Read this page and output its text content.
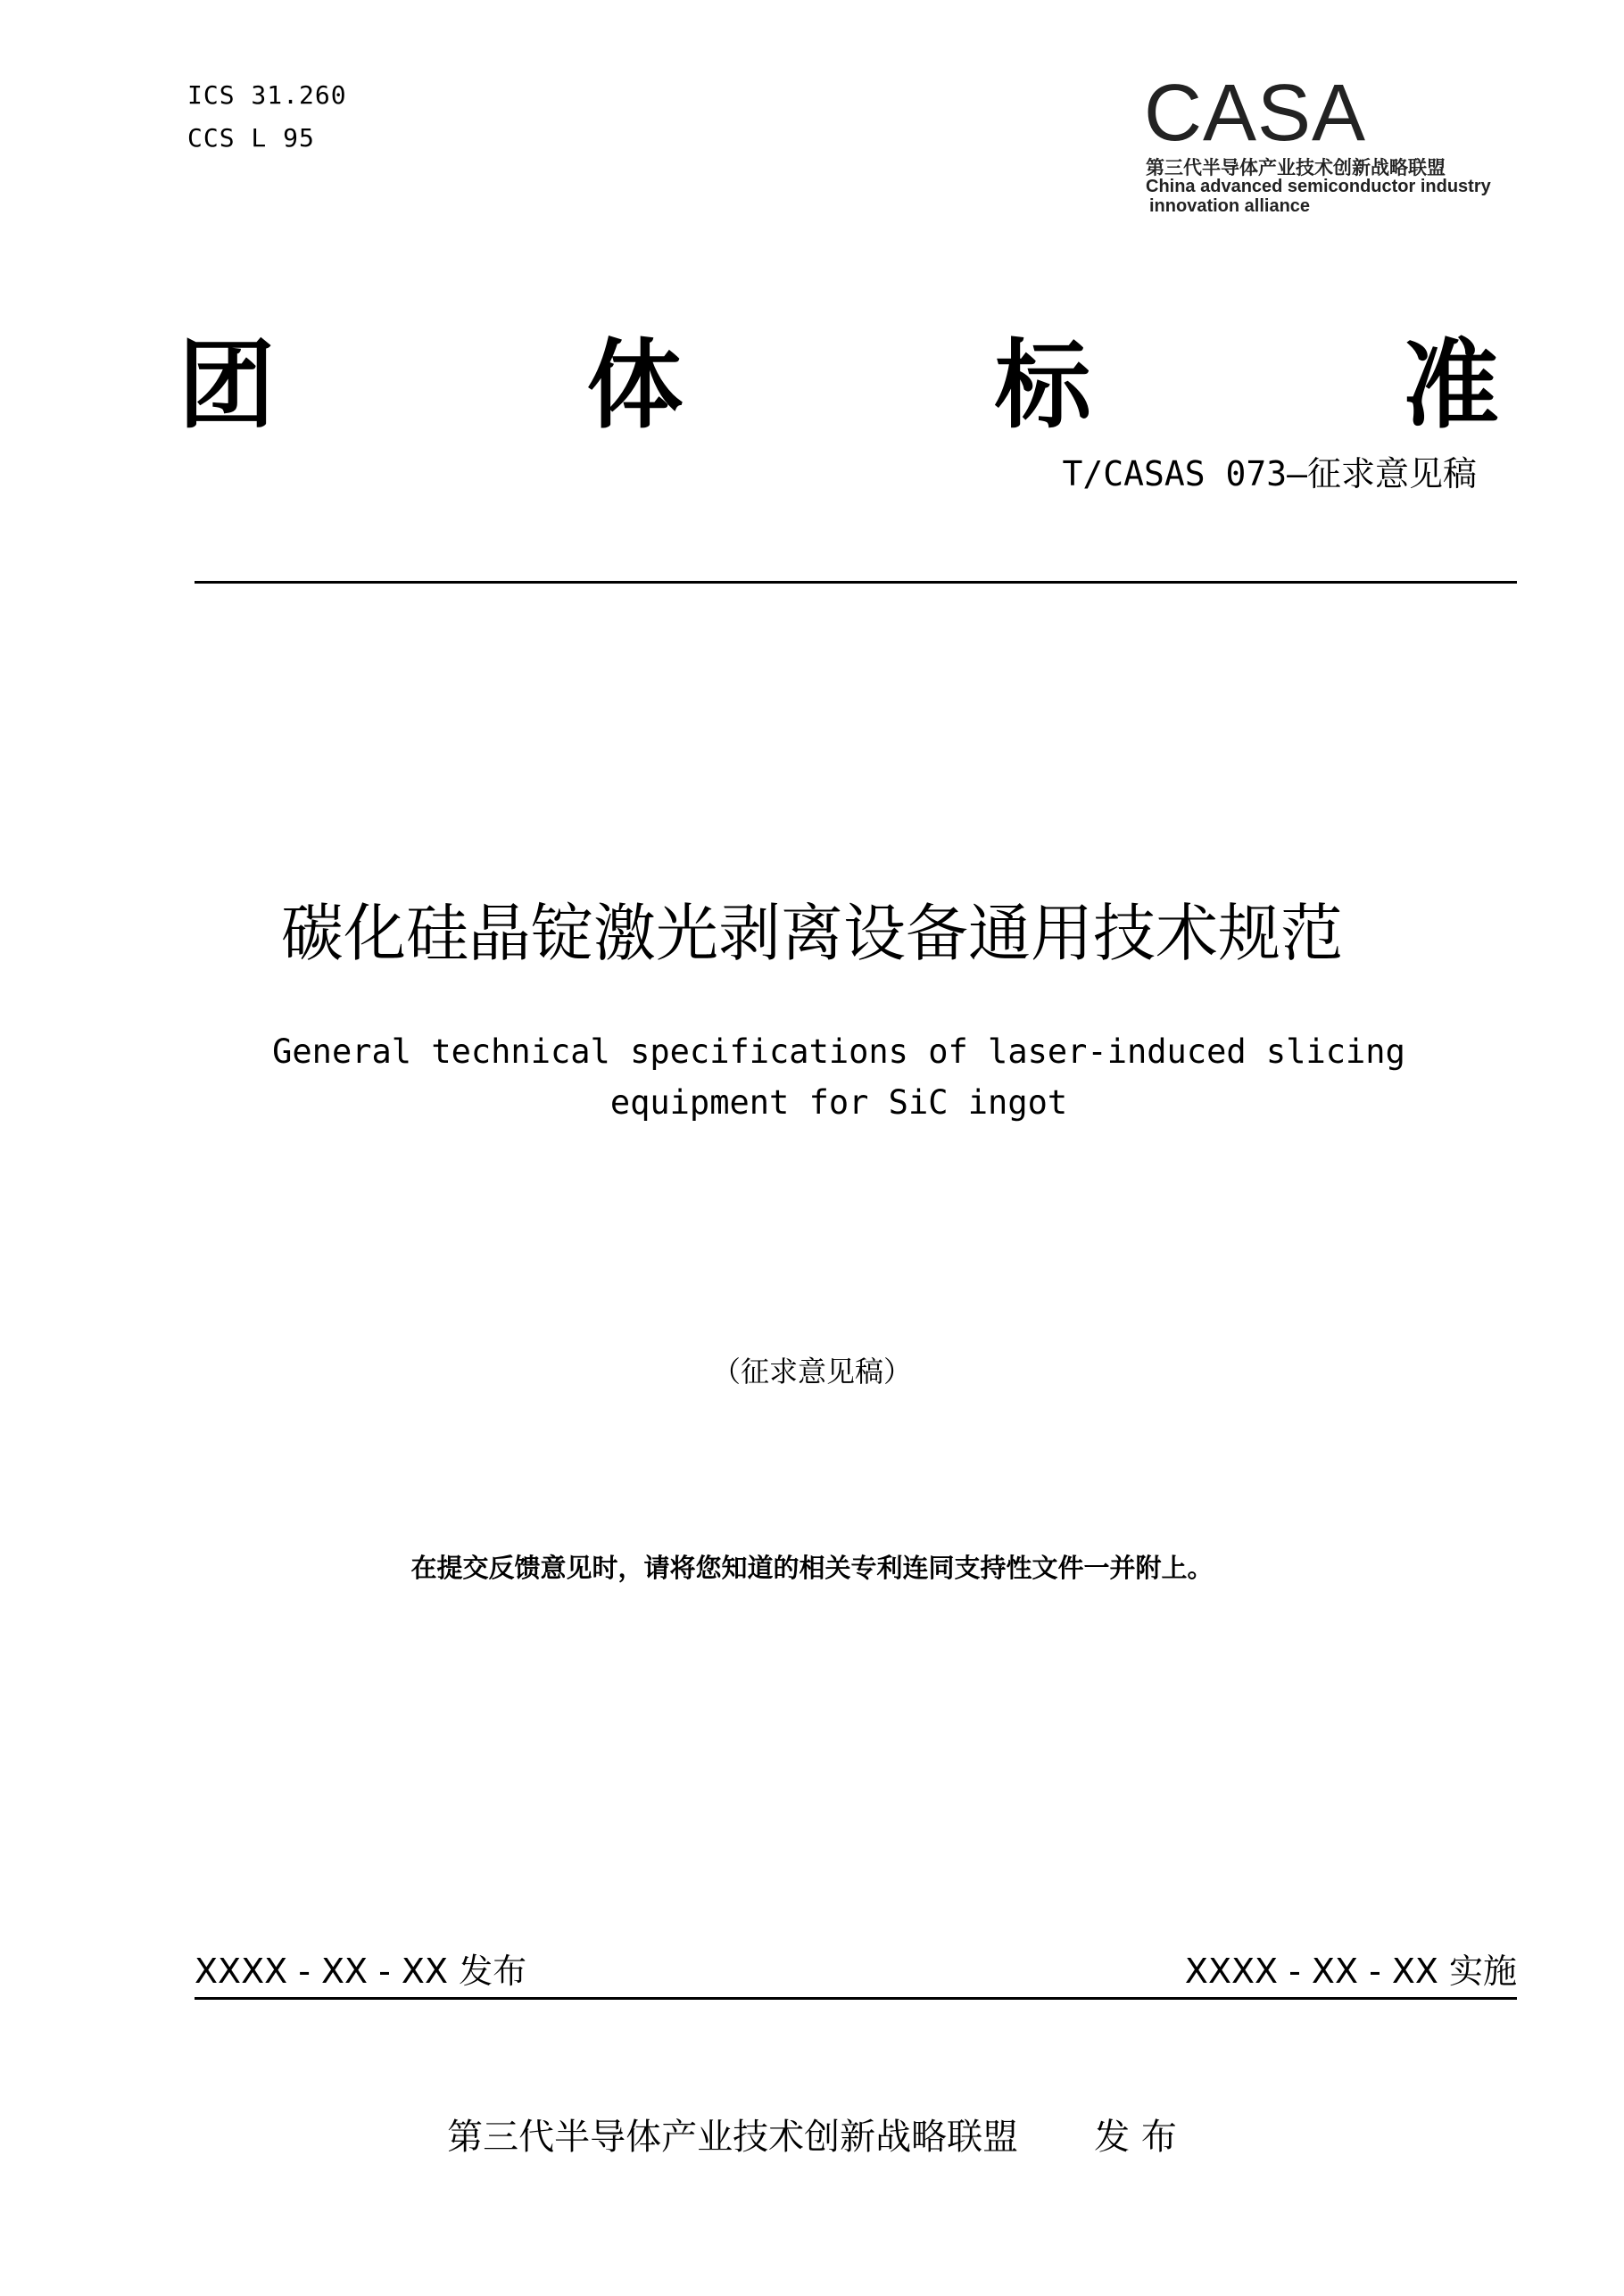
ICS 31.260
CCS L 95	CASA
第三代半导体产业技术创新战略联盟
China advanced semiconductor industry
innovation alliance
团	体	标	准
T/CASAS 073—征求意见稿
碳化硅晶锭激光剥离设备通用技术规范
General technical specifications of laser-induced slicing equipment for SiC ingot
（征求意见稿）
在提交反馈意见时，请将您知道的相关专利连同支持性文件一并附上。
XXXX - XX - XX 发布	XXXX - XX - XX 实施
第三代半导体产业技术创新战略联盟 发 布
